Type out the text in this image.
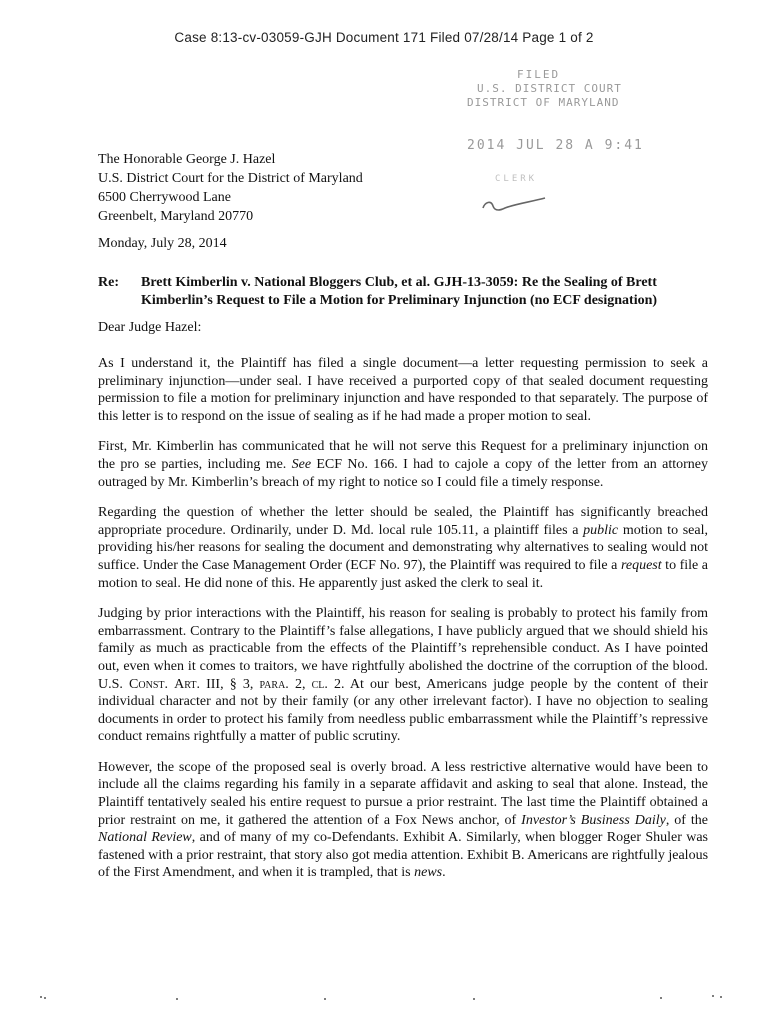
Case 8:13-cv-03059-GJH Document 171 Filed 07/28/14 Page 1 of 2
FILED
U.S. DISTRICT COURT
DISTRICT OF MARYLAND
2014 JUL 28 A 9:41
CLERK
The Honorable George J. Hazel
U.S. District Court for the District of Maryland
6500 Cherrywood Lane
Greenbelt, Maryland 20770
Monday, July 28, 2014
Re: Brett Kimberlin v. National Bloggers Club, et al. GJH-13-3059: Re the Sealing of Brett Kimberlin’s Request to File a Motion for Preliminary Injunction (no ECF designation)
Dear Judge Hazel:

As I understand it, the Plaintiff has filed a single document—a letter requesting permission to seek a preliminary injunction—under seal. I have received a purported copy of that sealed document requesting permission to file a motion for preliminary injunction and have responded to that separately. The purpose of this letter is to respond on the issue of sealing as if he had made a proper motion to seal.

First, Mr. Kimberlin has communicated that he will not serve this Request for a preliminary injunction on the pro se parties, including me. See ECF No. 166. I had to cajole a copy of the letter from an attorney outraged by Mr. Kimberlin’s breach of my right to notice so I could file a timely response.

Regarding the question of whether the letter should be sealed, the Plaintiff has significantly breached appropriate procedure. Ordinarily, under D. Md. local rule 105.11, a plaintiff files a public motion to seal, providing his/her reasons for sealing the document and demonstrating why alternatives to sealing would not suffice. Under the Case Management Order (ECF No. 97), the Plaintiff was required to file a request to file a motion to seal. He did none of this. He apparently just asked the clerk to seal it.

Judging by prior interactions with the Plaintiff, his reason for sealing is probably to protect his family from embarrassment. Contrary to the Plaintiff’s false allegations, I have publicly argued that we should shield his family as much as practicable from the effects of the Plaintiff’s reprehensible conduct. As I have pointed out, even when it comes to traitors, we have rightfully abolished the doctrine of the corruption of the blood. U.S. Const. Art. III, § 3, para. 2, cl. 2. At our best, Americans judge people by the content of their individual character and not by their family (or any other irrelevant factor). I have no objection to sealing documents in order to protect his family from needless public embarrassment while the Plaintiff’s repressive conduct remains rightfully a matter of public scrutiny.

However, the scope of the proposed seal is overly broad. A less restrictive alternative would have been to include all the claims regarding his family in a separate affidavit and asking to seal that alone. Instead, the Plaintiff tentatively sealed his entire request to pursue a prior restraint. The last time the Plaintiff obtained a prior restraint on me, it gathered the attention of a Fox News anchor, of Investor’s Business Daily, of the National Review, and of many of my co-Defendants. Exhibit A. Similarly, when blogger Roger Shuler was fastened with a prior restraint, that story also got media attention. Exhibit B. Americans are rightfully jealous of the First Amendment, and when it is trampled, that is news.
